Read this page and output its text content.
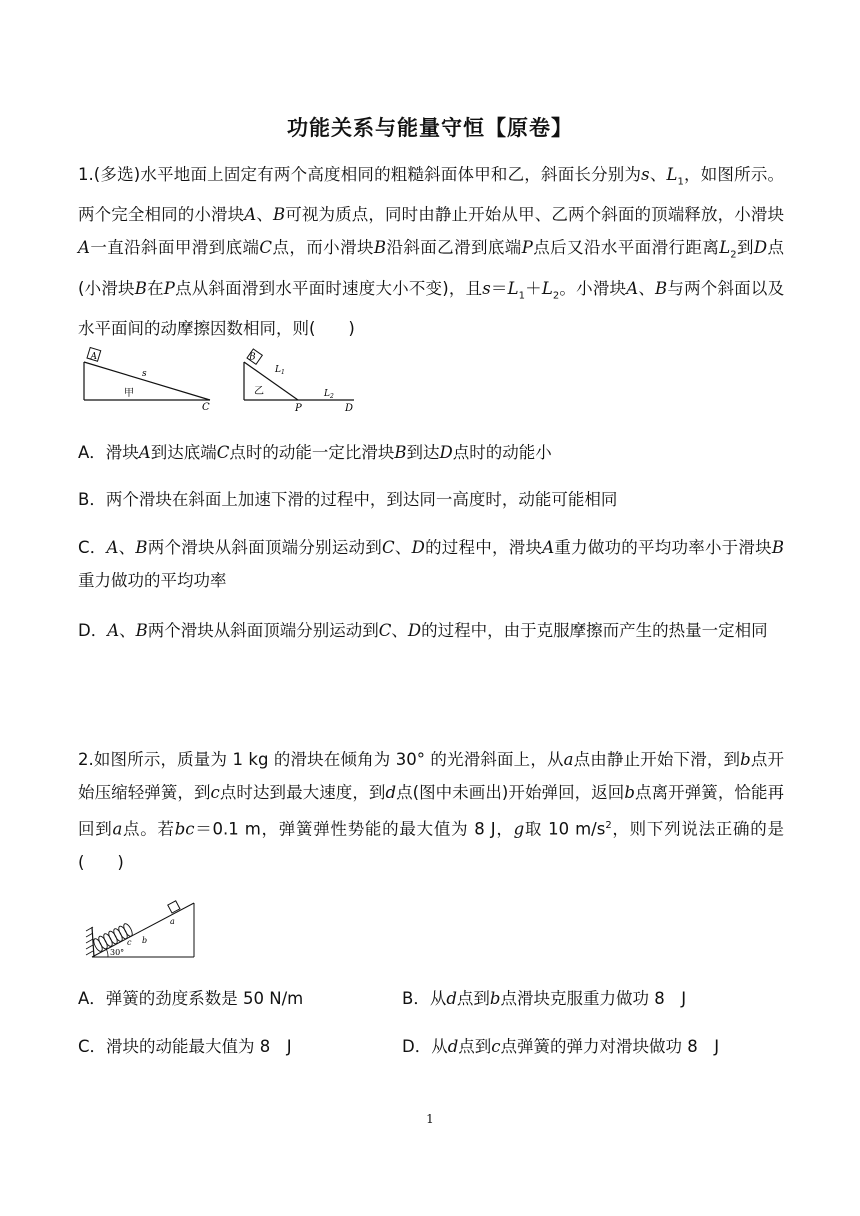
功能关系与能量守恒【原卷】
1.(多选)水平地面上固定有两个高度相同的粗糙斜面体甲和乙，斜面长分别为s、$L_1$，如图所示。两个完全相同的小滑块A、B可视为质点，同时由静止开始从甲、乙两个斜面的顶端释放，小滑块A一直沿斜面甲滑到底端C点，而小滑块B沿斜面乙滑到底端P点后又沿水平面滑行距离$L_2$到D点(小滑块B在P点从斜面滑到水平面时速度大小不变)，且$s=L_1+L_2$。小滑块A、B与两个斜面以及水平面间的动摩擦因数相同，则(　　)
A
s
甲
C
B
$L_1$
乙
P
$L_2$
D
A．滑块A到达底端C点时的动能一定比滑块B到达D点时的动能小
B．两个滑块在斜面上加速下滑的过程中，到达同一高度时，动能可能相同
C．A、B两个滑块从斜面顶端分别运动到C、D的过程中，滑块A重力做功的平均功率小于滑块B重力做功的平均功率
D．A、B两个滑块从斜面顶端分别运动到C、D的过程中，由于克服摩擦而产生的热量一定相同
2.如图所示，质量为 1 kg 的滑块在倾角为 30° 的光滑斜面上，从a点由静止开始下滑，到b点开始压缩轻弹簧，到c点时达到最大速度，到d点(图中未画出)开始弹回，返回b点离开弹簧，恰能再回到a点。若bc＝0.1 m，弹簧弹性势能的最大值为 8 J，g取 10 $m/s^2$，则下列说法正确的是(　　)
a
b
c
30°
A．弹簧的劲度系数是 50 N/m	B．从d点到b点滑块克服重力做功 8　J
C．滑块的动能最大值为 8　J	D．从d点到c点弹簧的弹力对滑块做功 8　J
1
